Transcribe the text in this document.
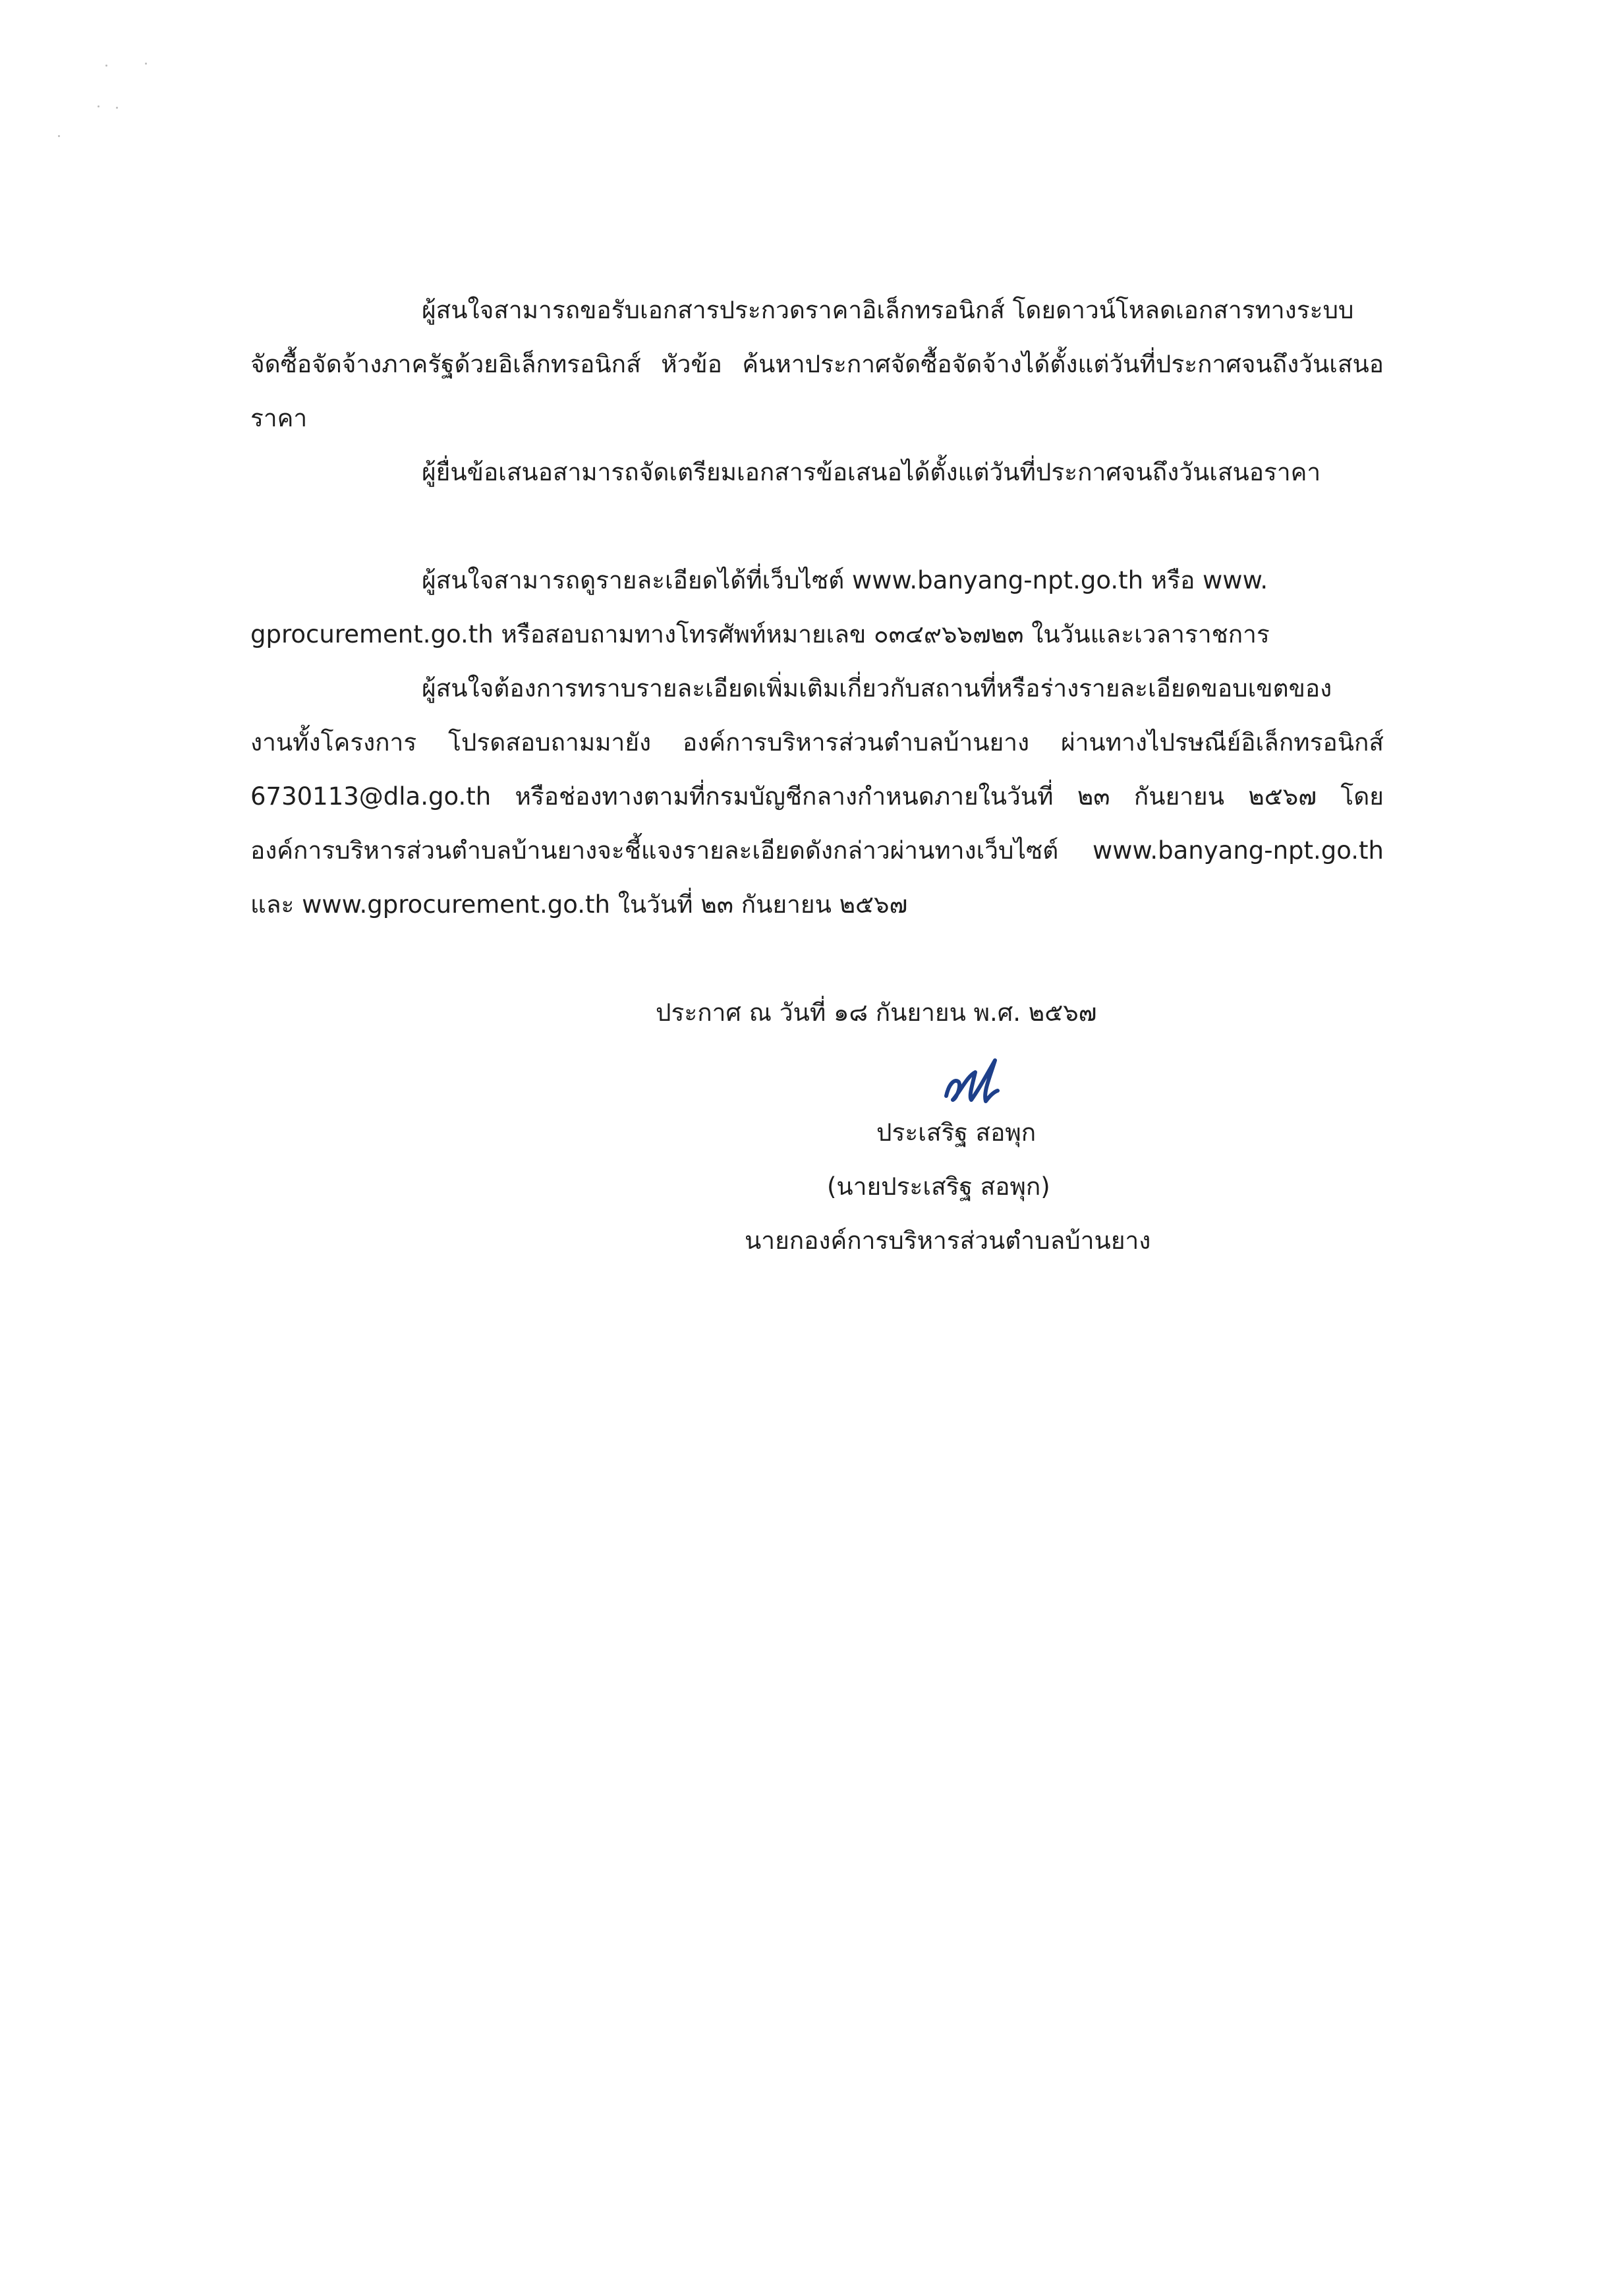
ผู้สนใจสามารถขอรับเอกสารประกวดราคาอิเล็กทรอนิกส์ โดยดาวน์โหลดเอกสารทางระบบ
จัดซื้อจัดจ้างภาครัฐด้วยอิเล็กทรอนิกส์ หัวข้อ ค้นหาประกาศจัดซื้อจัดจ้างได้ตั้งแต่วันที่ประกาศจนถึงวันเสนอ
ราคา
ผู้ยื่นข้อเสนอสามารถจัดเตรียมเอกสารข้อเสนอได้ตั้งแต่วันที่ประกาศจนถึงวันเสนอราคา
ผู้สนใจสามารถดูรายละเอียดได้ที่เว็บไซต์ www.banyang-npt.go.th หรือ www.
gprocurement.go.th หรือสอบถามทางโทรศัพท์หมายเลข ๐๓๔๙๖๖๗๒๓ ในวันและเวลาราชการ
ผู้สนใจต้องการทราบรายละเอียดเพิ่มเติมเกี่ยวกับสถานที่หรือร่างรายละเอียดขอบเขตของ
งานทั้งโครงการ โปรดสอบถามมายัง องค์การบริหารส่วนตำบลบ้านยาง ผ่านทางไปรษณีย์อิเล็กทรอนิกส์
6730113@dla.go.th หรือช่องทางตามที่กรมบัญชีกลางกำหนดภายในวันที่ ๒๓ กันยายน ๒๕๖๗ โดย
องค์การบริหารส่วนตำบลบ้านยางจะชี้แจงรายละเอียดดังกล่าวผ่านทางเว็บไซต์ www.banyang-npt.go.th
และ www.gprocurement.go.th ในวันที่ ๒๓ กันยายน ๒๕๖๗
ประกาศ ณ วันที่ ๑๘ กันยายน พ.ศ. ๒๕๖๗
ประเสริฐ สอพุก
(นายประเสริฐ สอพุก)
นายกองค์การบริหารส่วนตำบลบ้านยาง
